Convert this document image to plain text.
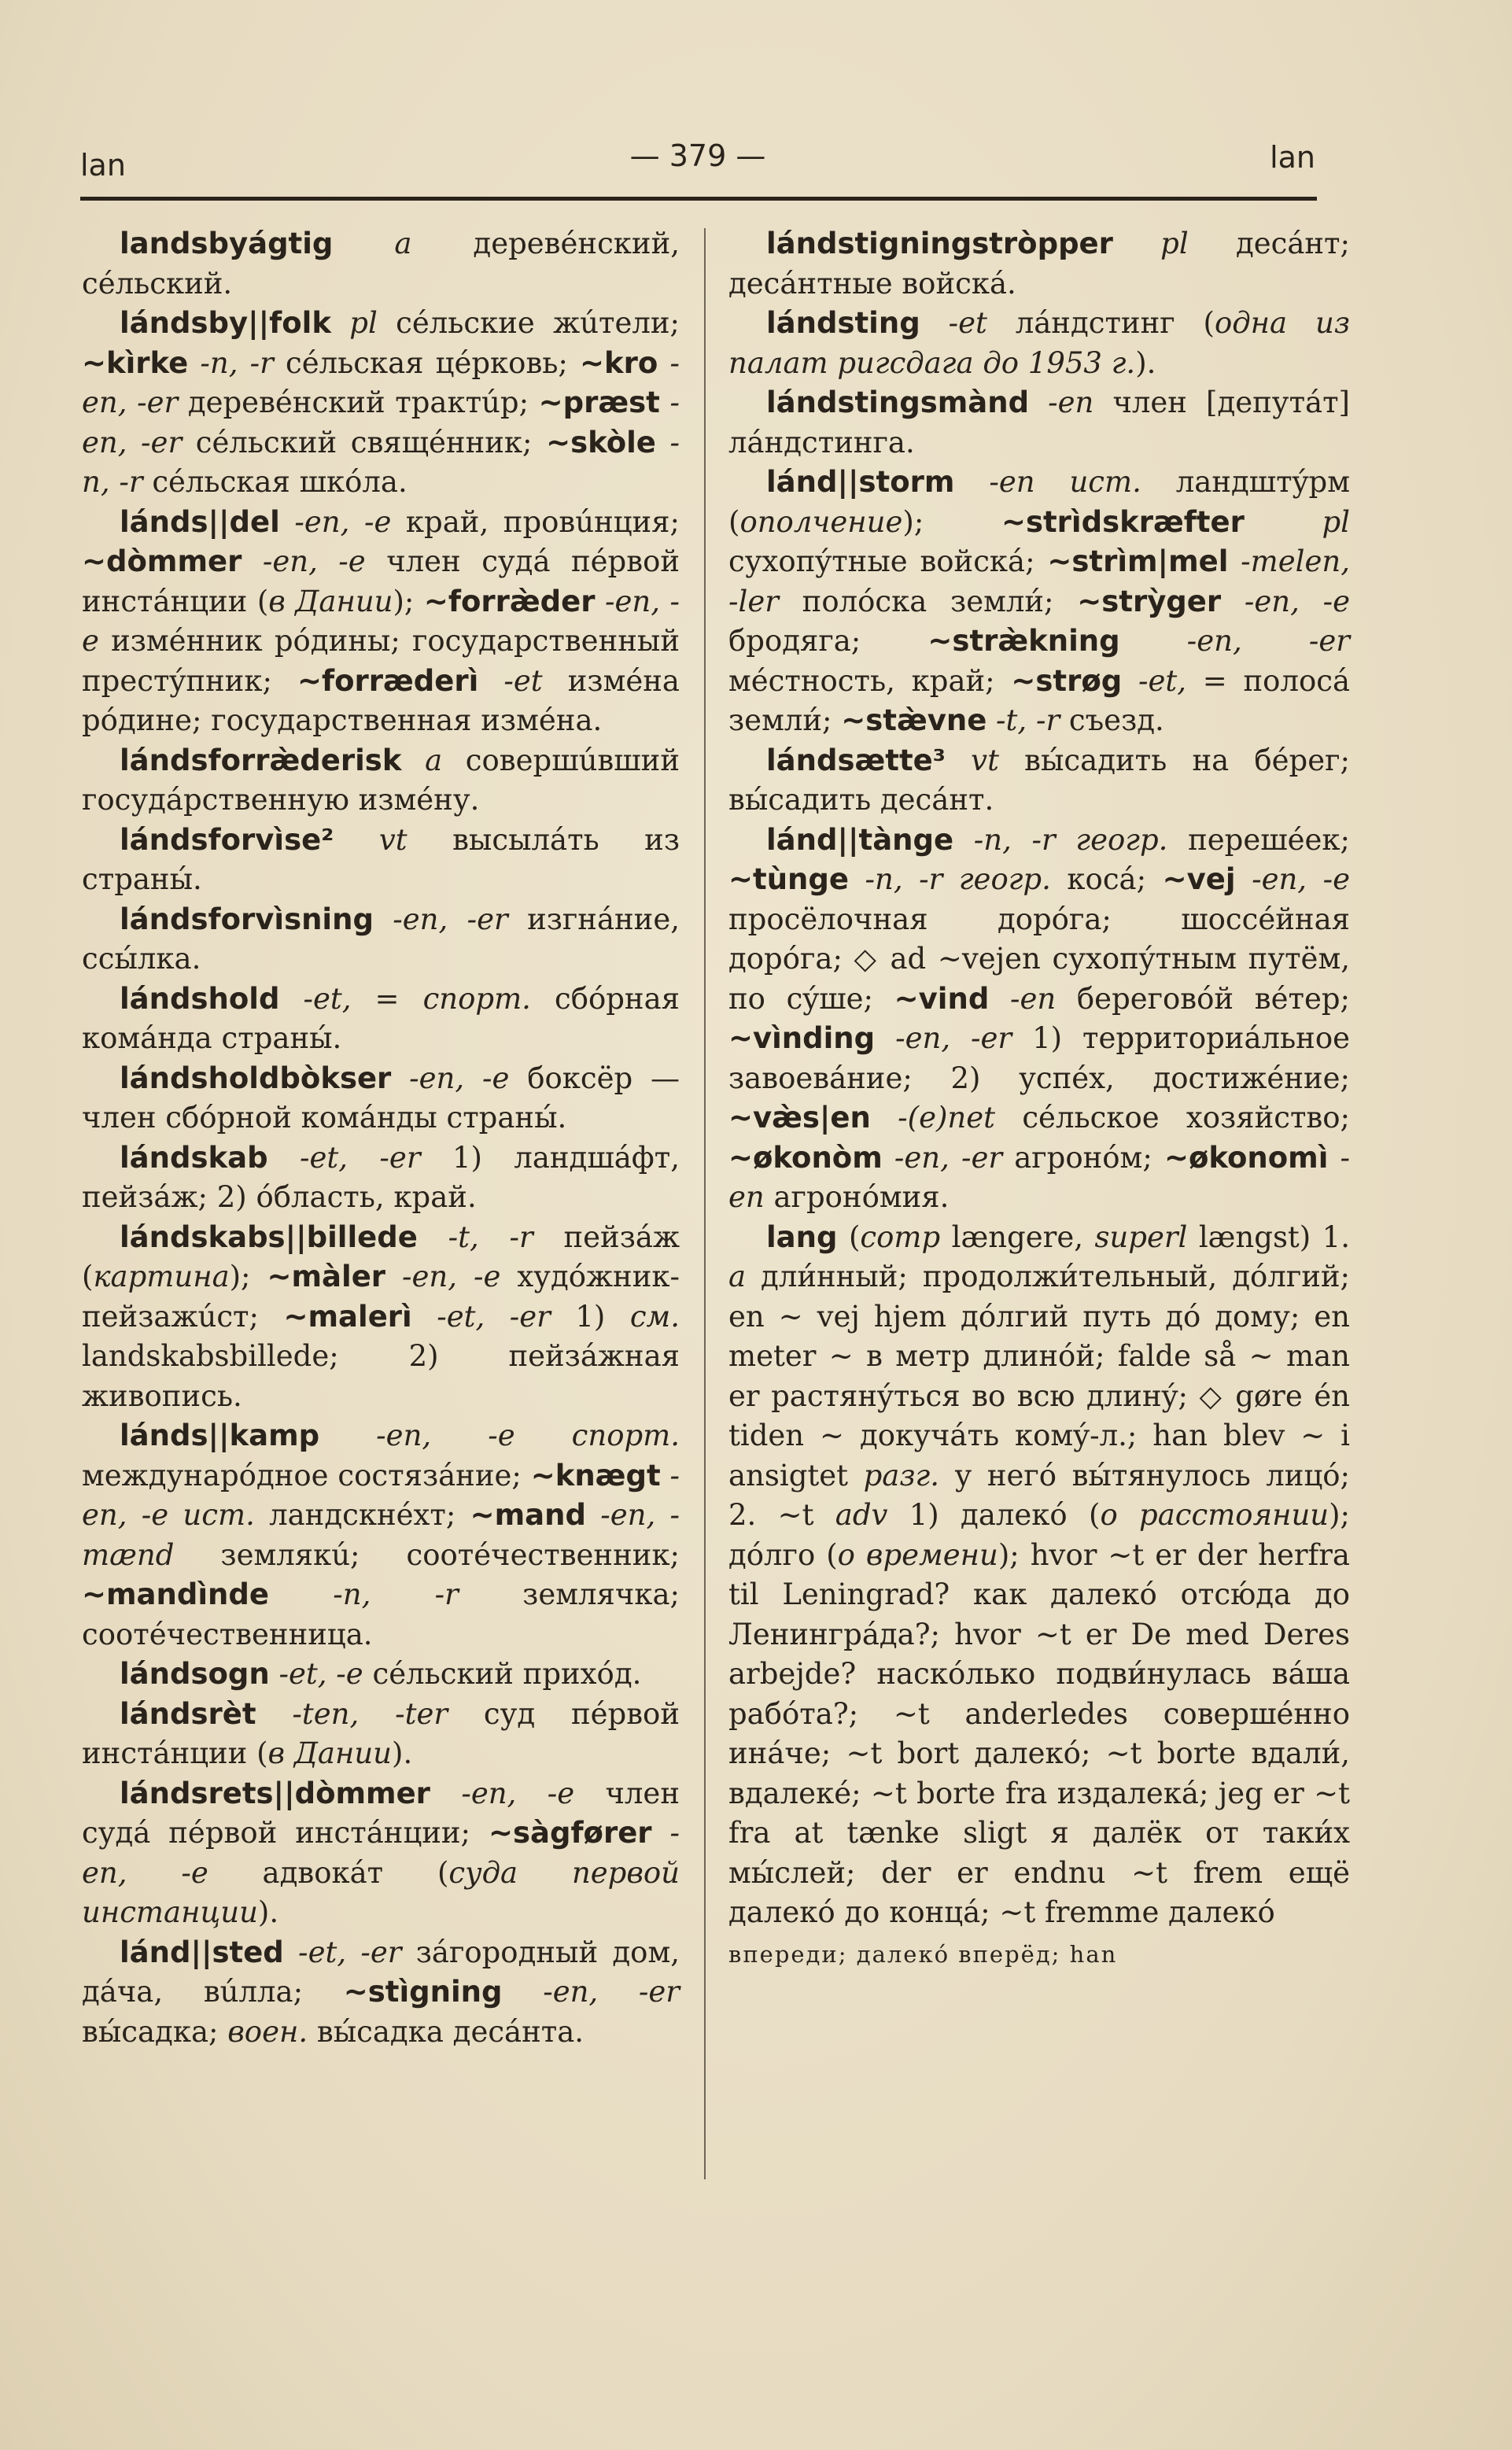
lan	— 379 —	lan

landsbyágtig a деревéнский, сéльский.

lándsby||folk pl сéльские жúтели; ~kìrke -n, -r сéльская цéрковь; ~kro -en, -er деревéнский трактúр; ~præst -en, -er сéльский свящéнник; ~skòle -n, -r сéльская шкóла.

lánds||del -en, -e край, провúнция; ~dòmmer -en, -e член судá пéрвой инстáнции (в Дании); ~forræ̀der -en, -e измéнник рóдины; государственный престýпник; ~forræderì -et измéна рóдине; государственная измéна.

lándsforræ̀derisk a совершúвший госудáрственную измéну.

lándsforvìse² vt высылáть из страны́.

lándsforvìsning -en, -er изгнáние, ссы́лка.

lándshold -et, = спорт. сбóрная комáнда страны́.

lándsholdbòkser -en, -e боксёр — член сбóрной комáнды страны́.

lándskab -et, -er 1) ландшáфт, пейзáж; 2) óбласть, край.

lándskabs||billede -t, -r пейзáж (картина); ~màler -en, -e худóжник-пейзажúст; ~malerì -et, -er 1) см. landskabsbillede; 2) пейзáжная живопись.

lánds||kamp -en, -e спорт. междунарóдное состязáние; ~knægt -en, -e ист. ландскнéхт; ~mand -en, -mænd землякú; соотéчественник; ~mandìnde -n, -r землячка; соотéчественница.

lándsogn -et, -e сéльский прихóд.

lándsrèt -ten, -ter суд пéрвой инстáнции (в Дании).

lándsrets||dòmmer -en, -e член судá пéрвой инстáнции; ~sàgfører -en, -e адвокáт (суда первой инстанции).

lánd||sted -et, -er зáгородный дом, дáча, вúлла; ~stìgning -en, -er вы́садка; воен. вы́садка десáнта.

lándstigningstròpper pl десáнт; десáнтные войскá.

lándsting -et лáндстинг (одна из палат ригсдага до 1953 г.).

lándstingsmànd -en член [депутáт] лáндстинга.

lánd||storm -en ист. ландштýрм (ополчение); ~strìdskræfter pl сухопýтные войскá; ~strìm|mel -melen, -ler полóска земли́; ~strỳger -en, -e бродяга; ~stræ̀kning -en, -er мéстность, край; ~strøg -et, = полосá земли́; ~stæ̀vne -t, -r съезд.

lándsætte³ vt вы́садить на бéрег; вы́садить десáнт.

lánd||tànge -n, -r геогр. перешéек; ~tùnge -n, -r геогр. косá; ~vej -en, -e просёлочная дорóга; шоссéйная дорóга; ◇ ad ~vejen сухопýтным путём, по сýше; ~vind -en береговóй вéтер; ~vìnding -en, -er 1) территориáльное завоевáние; 2) успéх, достижéние; ~væ̀s|en -(e)net сéльское хозяйство; ~økonòm -en, -er агронóм; ~økonomì -en агронóмия.

lang (comp længere, superl længst) 1. a дли́нный; продолжи́тельный, дóлгий; en ~ vej hjem дóлгий путь дó дому; en meter ~ в метр длинóй; falde så ~ man er растянýться во всю длинý; ◇ gøre én tiden ~ докучáть комý-л.; han blev ~ i ansigtet разг. у негó вы́тянулось лицó; 2. ~t adv 1) далекó (о расстоянии); дóлго (о времени); hvor ~t er der herfra til Leningrad? как далекó отсю́да до Ленингрáда?; hvor ~t er De med Deres arbejde? наскóлько подви́нулась вáша рабóта?; ~t anderledes совершéнно инáче; ~t bort далекó; ~t borte вдали́, вдалеке́; ~t borte fra издалекá; jeg er ~t fra at tænke sligt я далёк от таки́х мы́слей; der er endnu ~t frem ещё далекó до концá; ~t fremme далекó

впереди; далекó вперёд; han
